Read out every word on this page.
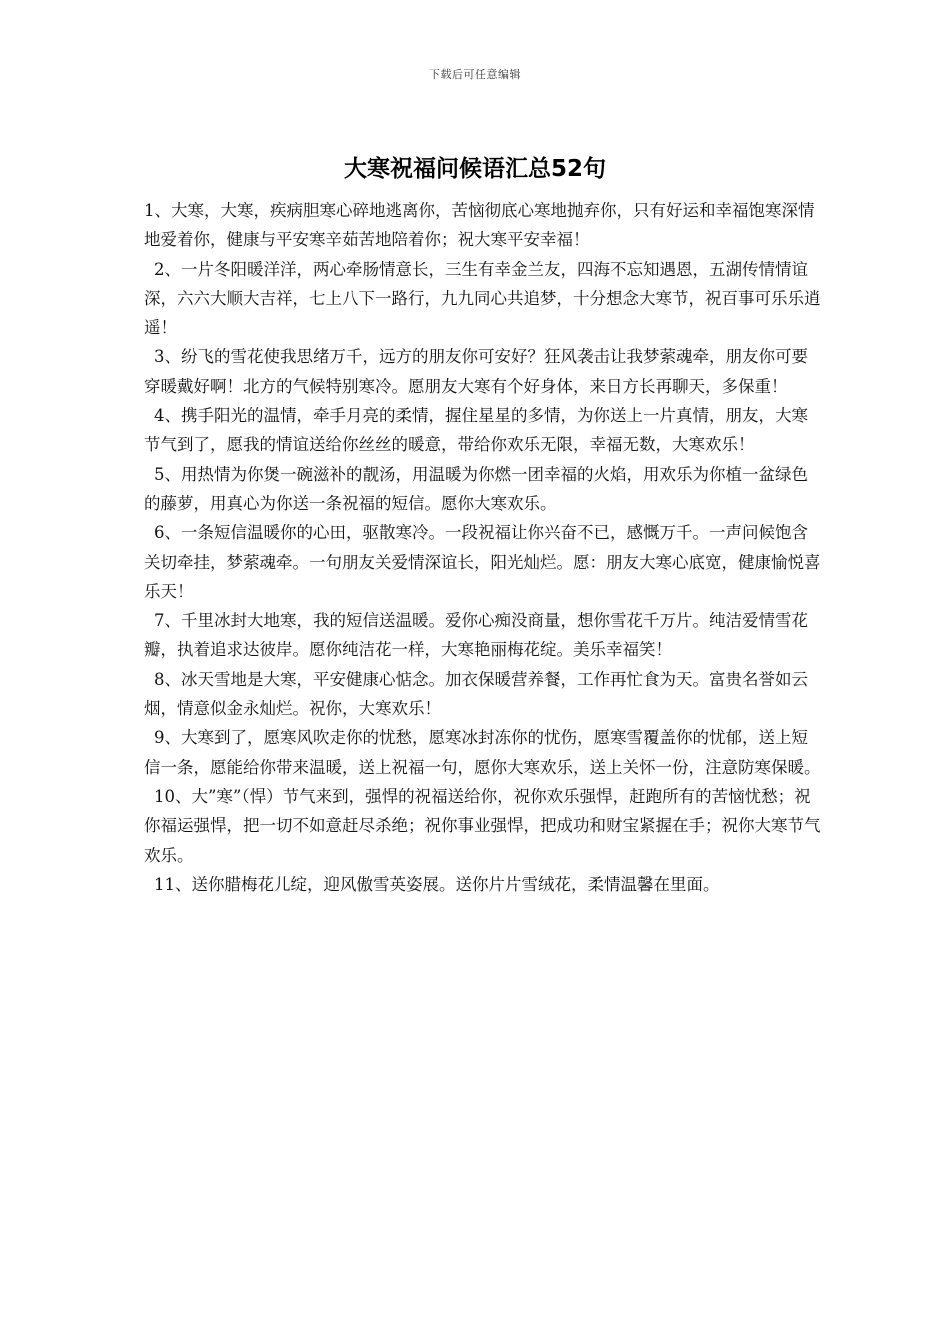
下载后可任意编辑
大寒祝福问候语汇总52句

1、大寒，大寒，疾病胆寒心碎地逃离你，苦恼彻底心寒地抛弃你，只有好运和幸福饱寒深情地爱着你，健康与平安寒辛茹苦地陪着你；祝大寒平安幸福！

2、一片冬阳暖洋洋，两心牵肠情意长，三生有幸金兰友，四海不忘知遇恩，五湖传情情谊深，六六大顺大吉祥，七上八下一路行，九九同心共追梦，十分想念大寒节，祝百事可乐乐逍遥！

3、纷飞的雪花使我思绪万千，远方的朋友你可安好？狂风袭击让我梦萦魂牵，朋友你可要穿暖戴好啊！北方的气候特别寒冷。愿朋友大寒有个好身体，来日方长再聊天，多保重！

4、携手阳光的温情，牵手月亮的柔情，握住星星的多情，为你送上一片真情，朋友，大寒节气到了，愿我的情谊送给你丝丝的暖意，带给你欢乐无限，幸福无数，大寒欢乐！

5、用热情为你煲一碗滋补的靓汤，用温暖为你燃一团幸福的火焰，用欢乐为你植一盆绿色的藤萝，用真心为你送一条祝福的短信。愿你大寒欢乐。

6、一条短信温暖你的心田，驱散寒冷。一段祝福让你兴奋不已，感慨万千。一声问候饱含关切牵挂，梦萦魂牵。一句朋友关爱情深谊长，阳光灿烂。愿：朋友大寒心底宽，健康愉悦喜乐天！

7、千里冰封大地寒，我的短信送温暖。爱你心痴没商量，想你雪花千万片。纯洁爱情雪花瓣，执着追求达彼岸。愿你纯洁花一样，大寒艳丽梅花绽。美乐幸福笑！

8、冰天雪地是大寒，平安健康心惦念。加衣保暖营养餐，工作再忙食为天。富贵名誉如云烟，情意似金永灿烂。祝你，大寒欢乐！

9、大寒到了，愿寒风吹走你的忧愁，愿寒冰封冻你的忧伤，愿寒雪覆盖你的忧郁，送上短信一条，愿能给你带来温暖，送上祝福一句，愿你大寒欢乐，送上关怀一份，注意防寒保暖。

10、大”寒”（悍）节气来到，强悍的祝福送给你，祝你欢乐强悍，赶跑所有的苦恼忧愁；祝你福运强悍，把一切不如意赶尽杀绝；祝你事业强悍，把成功和财宝紧握在手；祝你大寒节气欢乐。

11、送你腊梅花儿绽，迎风傲雪英姿展。送你片片雪绒花，柔情温馨在里面。
